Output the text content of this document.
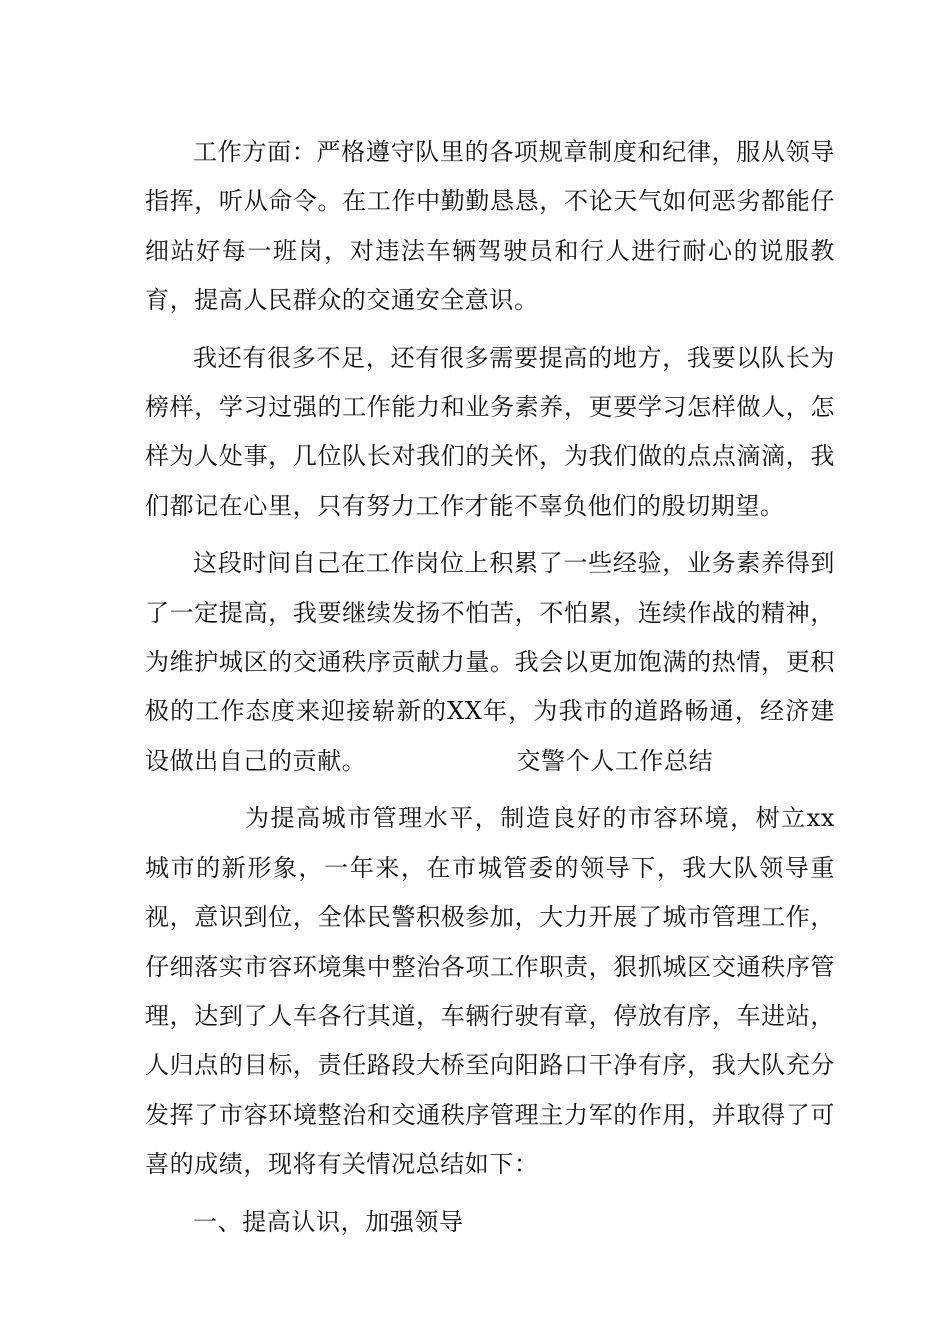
工作方面：严格遵守队里的各项规章制度和纪律，服从领导指挥，听从命令。在工作中勤勤恳恳，不论天气如何恶劣都能仔细站好每一班岗，对违法车辆驾驶员和行人进行耐心的说服教育，提高人民群众的交通安全意识。

我还有很多不足，还有很多需要提高的地方，我要以队长为榜样，学习过强的工作能力和业务素养，更要学习怎样做人，怎样为人处事，几位队长对我们的关怀，为我们做的点点滴滴，我们都记在心里，只有努力工作才能不辜负他们的殷切期望。

这段时间自己在工作岗位上积累了一些经验，业务素养得到了一定提高，我要继续发扬不怕苦，不怕累，连续作战的精神，为维护城区的交通秩序贡献力量。我会以更加饱满的热情，更积极的工作态度来迎接崭新的XX年，为我市的道路畅通，经济建设做出自己的贡献。	交警个人工作总结

为提高城市管理水平，制造良好的市容环境，树立xx城市的新形象，一年来，在市城管委的领导下，我大队领导重视，意识到位，全体民警积极参加，大力开展了城市管理工作，仔细落实市容环境集中整治各项工作职责，狠抓城区交通秩序管理，达到了人车各行其道，车辆行驶有章，停放有序，车进站，人归点的目标，责任路段大桥至向阳路口干净有序，我大队充分发挥了市容环境整治和交通秩序管理主力军的作用，并取得了可喜的成绩，现将有关情况总结如下：

一、提高认识，加强领导
